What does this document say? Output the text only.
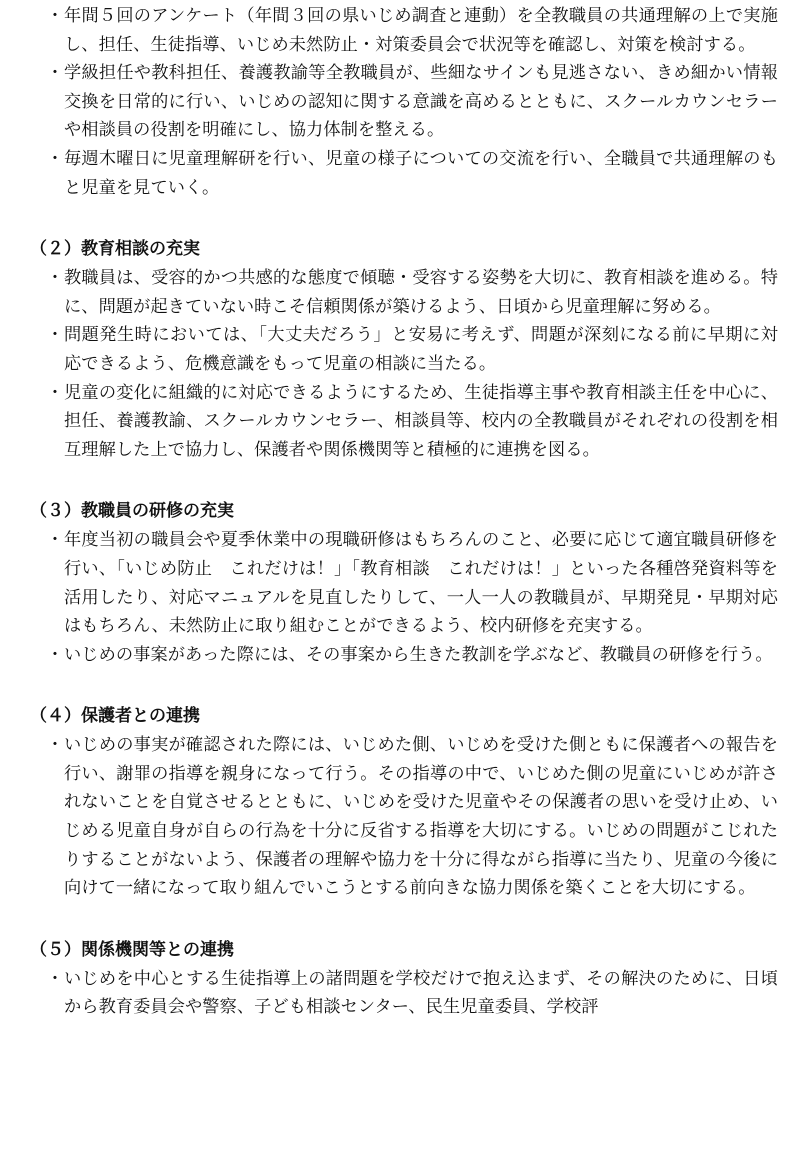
・ 年間５回のアンケート（年間３回の県いじめ調査と連動）を全教職員の共通理解の上で実施し、担任、生徒指導、いじめ未然防止・対策委員会で状況等を確認し、対策を検討する。
・ 学級担任や教科担任、養護教諭等全教職員が、些細なサインも見逃さない、きめ細かい情報交換を日常的に行い、いじめの認知に関する意識を高めるとともに、スクールカウンセラーや相談員の役割を明確にし、協力体制を整える。
・ 毎週木曜日に児童理解研を行い、児童の様子についての交流を行い、全職員で共通理解のもと児童を見ていく。
（２）教育相談の充実
・ 教職員は、受容的かつ共感的な態度で傾聴・受容する姿勢を大切に、教育相談を進める。特に、問題が起きていない時こそ信頼関係が築けるよう、日頃から児童理解に努める。
・ 問題発生時においては、「大丈夫だろう」と安易に考えず、問題が深刻になる前に早期に対応できるよう、危機意識をもって児童の相談に当たる。
・ 児童の変化に組織的に対応できるようにするため、生徒指導主事や教育相談主任を中心に、担任、養護教諭、スクールカウンセラー、相談員等、校内の全教職員がそれぞれの役割を相互理解した上で協力し、保護者や関係機関等と積極的に連携を図る。
（３）教職員の研修の充実
・ 年度当初の職員会や夏季休業中の現職研修はもちろんのこと、必要に応じて適宜職員研修を行い、「いじめ防止　これだけは！」「教育相談　これだけは！」といった各種啓発資料等を活用したり、対応マニュアルを見直したりして、一人一人の教職員が、早期発見・早期対応はもちろん、未然防止に取り組むことができるよう、校内研修を充実する。
・ いじめの事案があった際には、その事案から生きた教訓を学ぶなど、教職員の研修を行う。
（４）保護者との連携
・ いじめの事実が確認された際には、いじめた側、いじめを受けた側ともに保護者への報告を行い、謝罪の指導を親身になって行う。その指導の中で、いじめた側の児童にいじめが許されないことを自覚させるとともに、いじめを受けた児童やその保護者の思いを受け止め、いじめる児童自身が自らの行為を十分に反省する指導を大切にする。いじめの問題がこじれたりすることがないよう、保護者の理解や協力を十分に得ながら指導に当たり、児童の今後に向けて一緒になって取り組んでいこうとする前向きな協力関係を築くことを大切にする。
（５）関係機関等との連携
・ いじめを中心とする生徒指導上の諸問題を学校だけで抱え込まず、その解決のために、日頃から教育委員会や警察、子ども相談センター、民生児童委員、学校評
